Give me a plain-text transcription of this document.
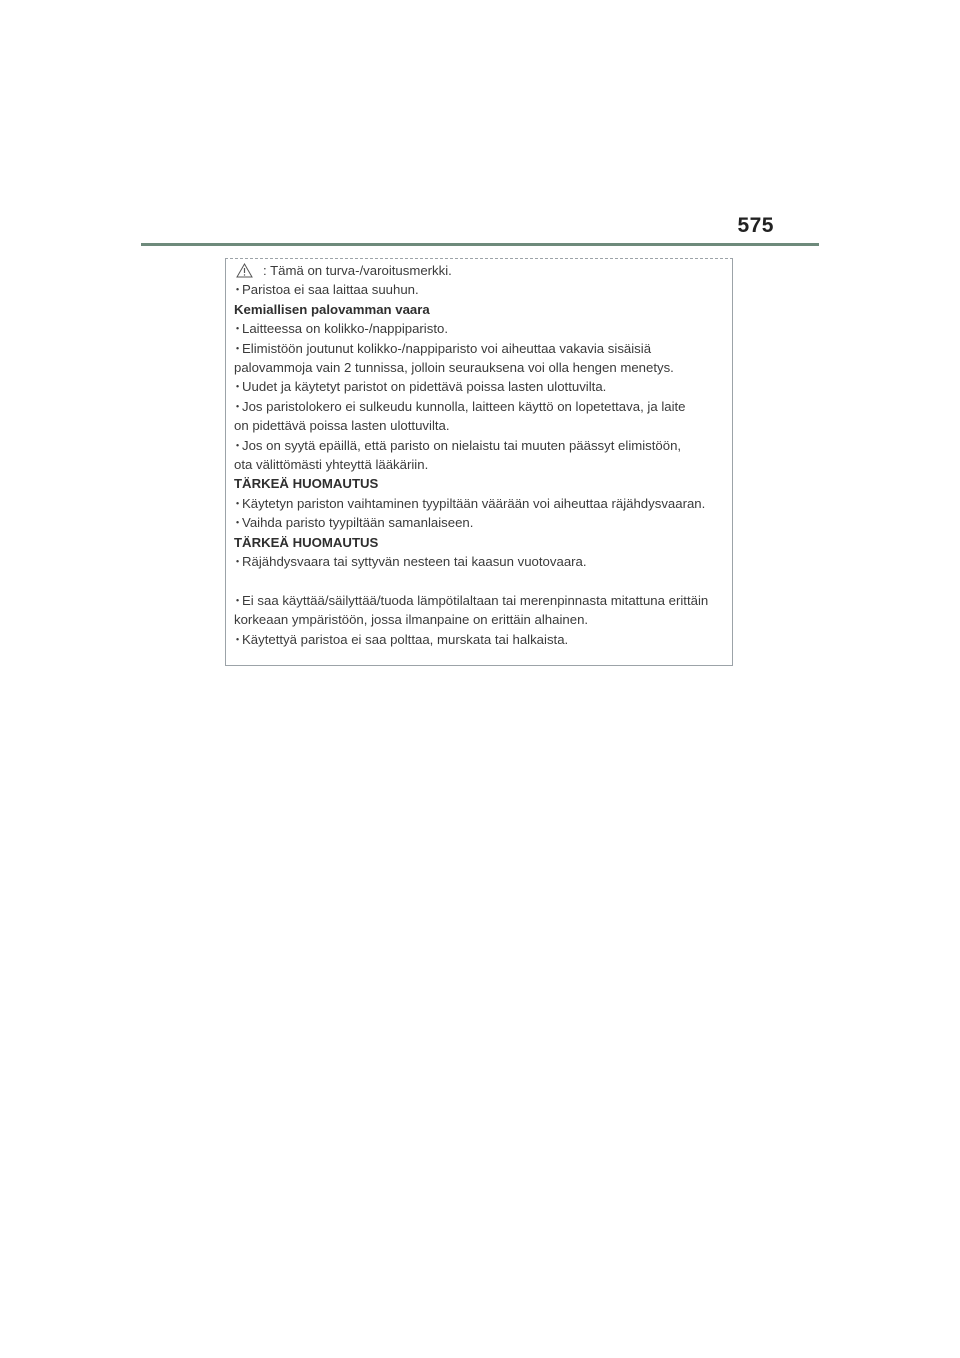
575
: Tämä on turva-/varoitusmerkki.
･Paristoa ei saa laittaa suuhun.
Kemiallisen palovamman vaara
･Laitteessa on kolikko-/nappiparisto.
･Elimistöön joutunut kolikko-/nappiparisto voi aiheuttaa vakavia sisäisiä
palovammoja vain 2 tunnissa, jolloin seurauksena voi olla hengen menetys.
･Uudet ja käytetyt paristot on pidettävä poissa lasten ulottuvilta.
･Jos paristolokero ei sulkeudu kunnolla, laitteen käyttö on lopetettava, ja laite
on pidettävä poissa lasten ulottuvilta.
･Jos on syytä epäillä, että paristo on nielaistu tai muuten päässyt elimistöön,
ota välittömästi yhteyttä lääkäriin.
TÄRKEÄ HUOMAUTUS
･Käytetyn pariston vaihtaminen tyypiltään väärään voi aiheuttaa räjähdysvaaran.
･Vaihda paristo tyypiltään samanlaiseen.
TÄRKEÄ HUOMAUTUS
･Räjähdysvaara tai syttyvän nesteen tai kaasun vuotovaara.
･Ei saa käyttää/säilyttää/tuoda lämpötilaltaan tai merenpinnasta mitattuna erittäin
korkeaan ympäristöön, jossa ilmanpaine on erittäin alhainen.
･Käytettyä paristoa ei saa polttaa, murskata tai halkaista.
